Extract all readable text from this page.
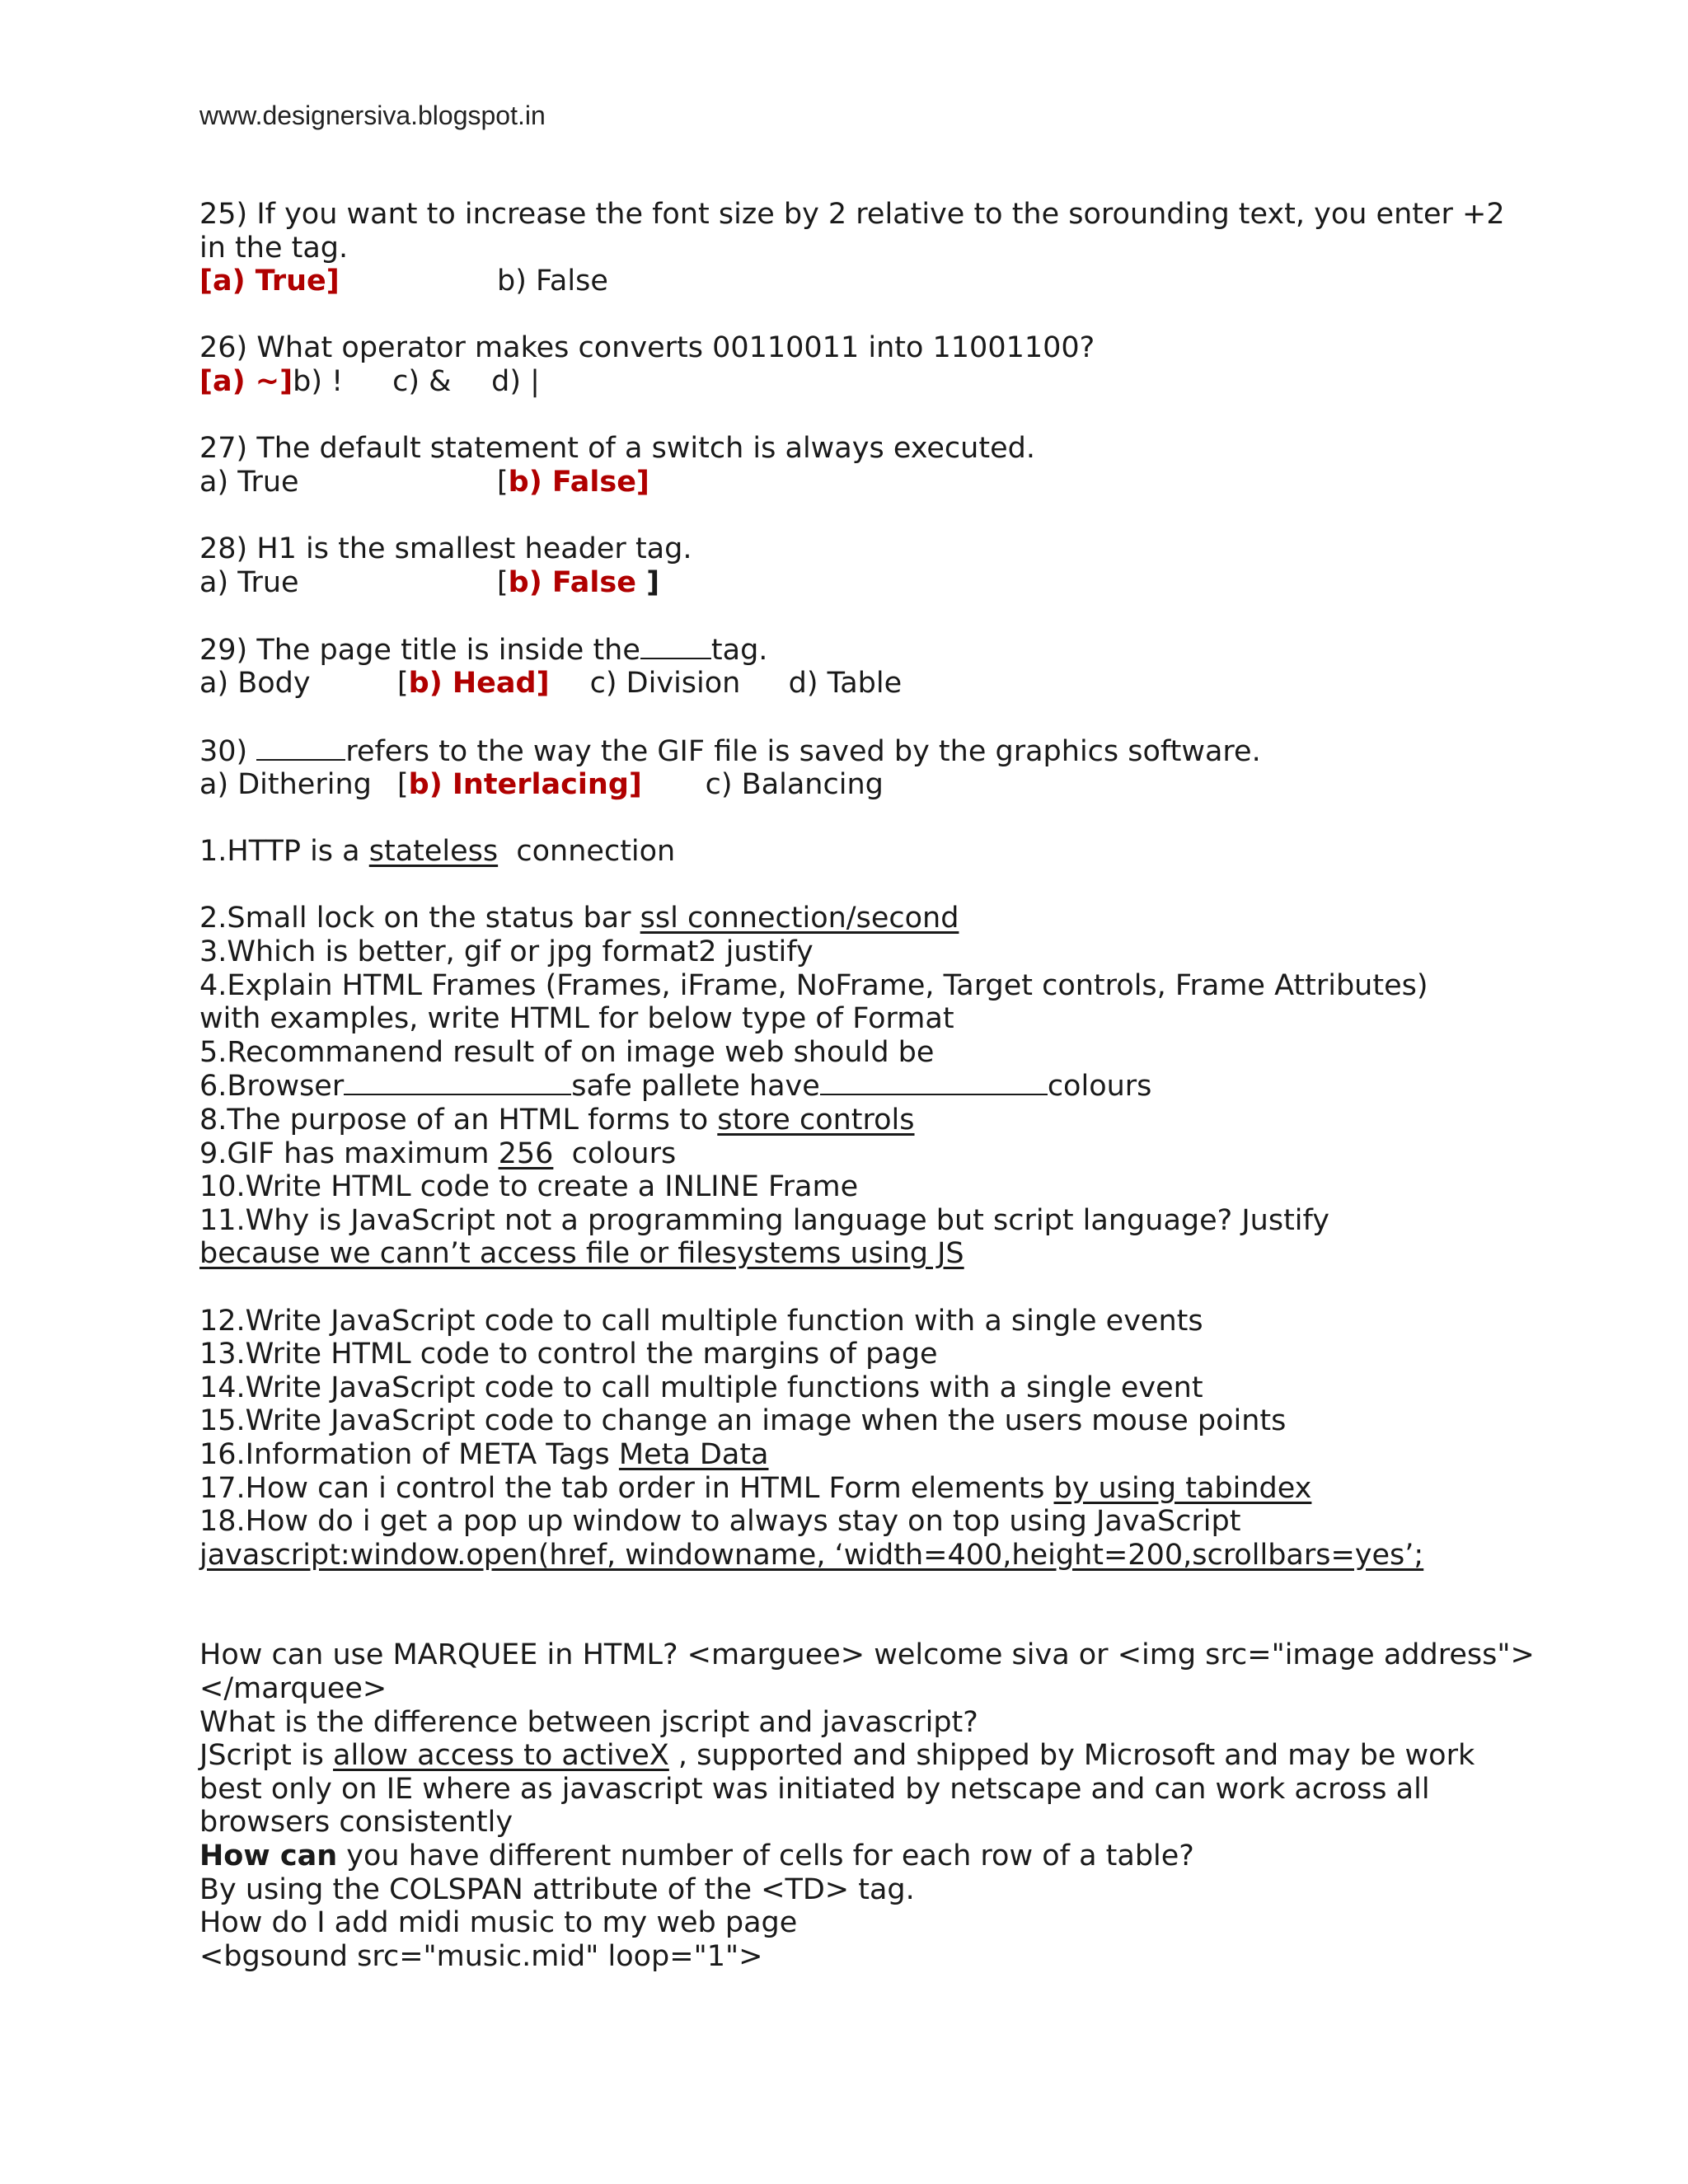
www.designersiva.blogspot.in
25) If you want to increase the font size by 2 relative to the sorounding text, you enter +2
in the tag.
[a) True]	b) False
26) What operator makes converts 00110011 into 11001100?
[a) ~]b) ! c) & d) |
27) The default statement of a switch is always executed.
a) True	[b) False]
28) H1 is the smallest header tag.
a) True	[b) False ]
29) The page title is inside the tag.
a) Body	[b) Head] c) Division d) Table
30)	refers to the way the GIF file is saved by the graphics software.
a) Dithering [b) Interlacing] c) Balancing
1.HTTP is a stateless  connection
2.Small lock on the status bar ssl connection/second
3.Which is better, gif or jpg format2 justify
4.Explain HTML Frames (Frames, iFrame, NoFrame, Target controls, Frame Attributes)
with examples, write HTML for below type of Format
5.Recommanend result of on image web should be
6.Browser	safe pallete have	colours
8.The purpose of an HTML forms to store controls
9.GIF has maximum 256  colours
10.Write HTML code to create a INLINE Frame
11.Why is JavaScript not a programming language but script language? Justify
because we cann’t access file or filesystems using JS
12.Write JavaScript code to call multiple function with a single events
13.Write HTML code to control the margins of page
14.Write JavaScript code to call multiple functions with a single event
15.Write JavaScript code to change an image when the users mouse points
16.Information of META Tags Meta Data
17.How can i control the tab order in HTML Form elements by using tabindex
18.How do i get a pop up window to always stay on top using JavaScript
javascript:window.open(href, windowname, ‘width=400,height=200,scrollbars=yes’;
How can use MARQUEE in HTML? <marguee> welcome siva or <img src="image address">
</marquee>
What is the difference between jscript and javascript?
JScript is allow access to activeX , supported and shipped by Microsoft and may be work
best only on IE where as javascript was initiated by netscape and can work across all
browsers consistently
How can you have different number of cells for each row of a table?
By using the COLSPAN attribute of the <TD> tag.
How do I add midi music to my web page
<bgsound src="music.mid" loop="1">
